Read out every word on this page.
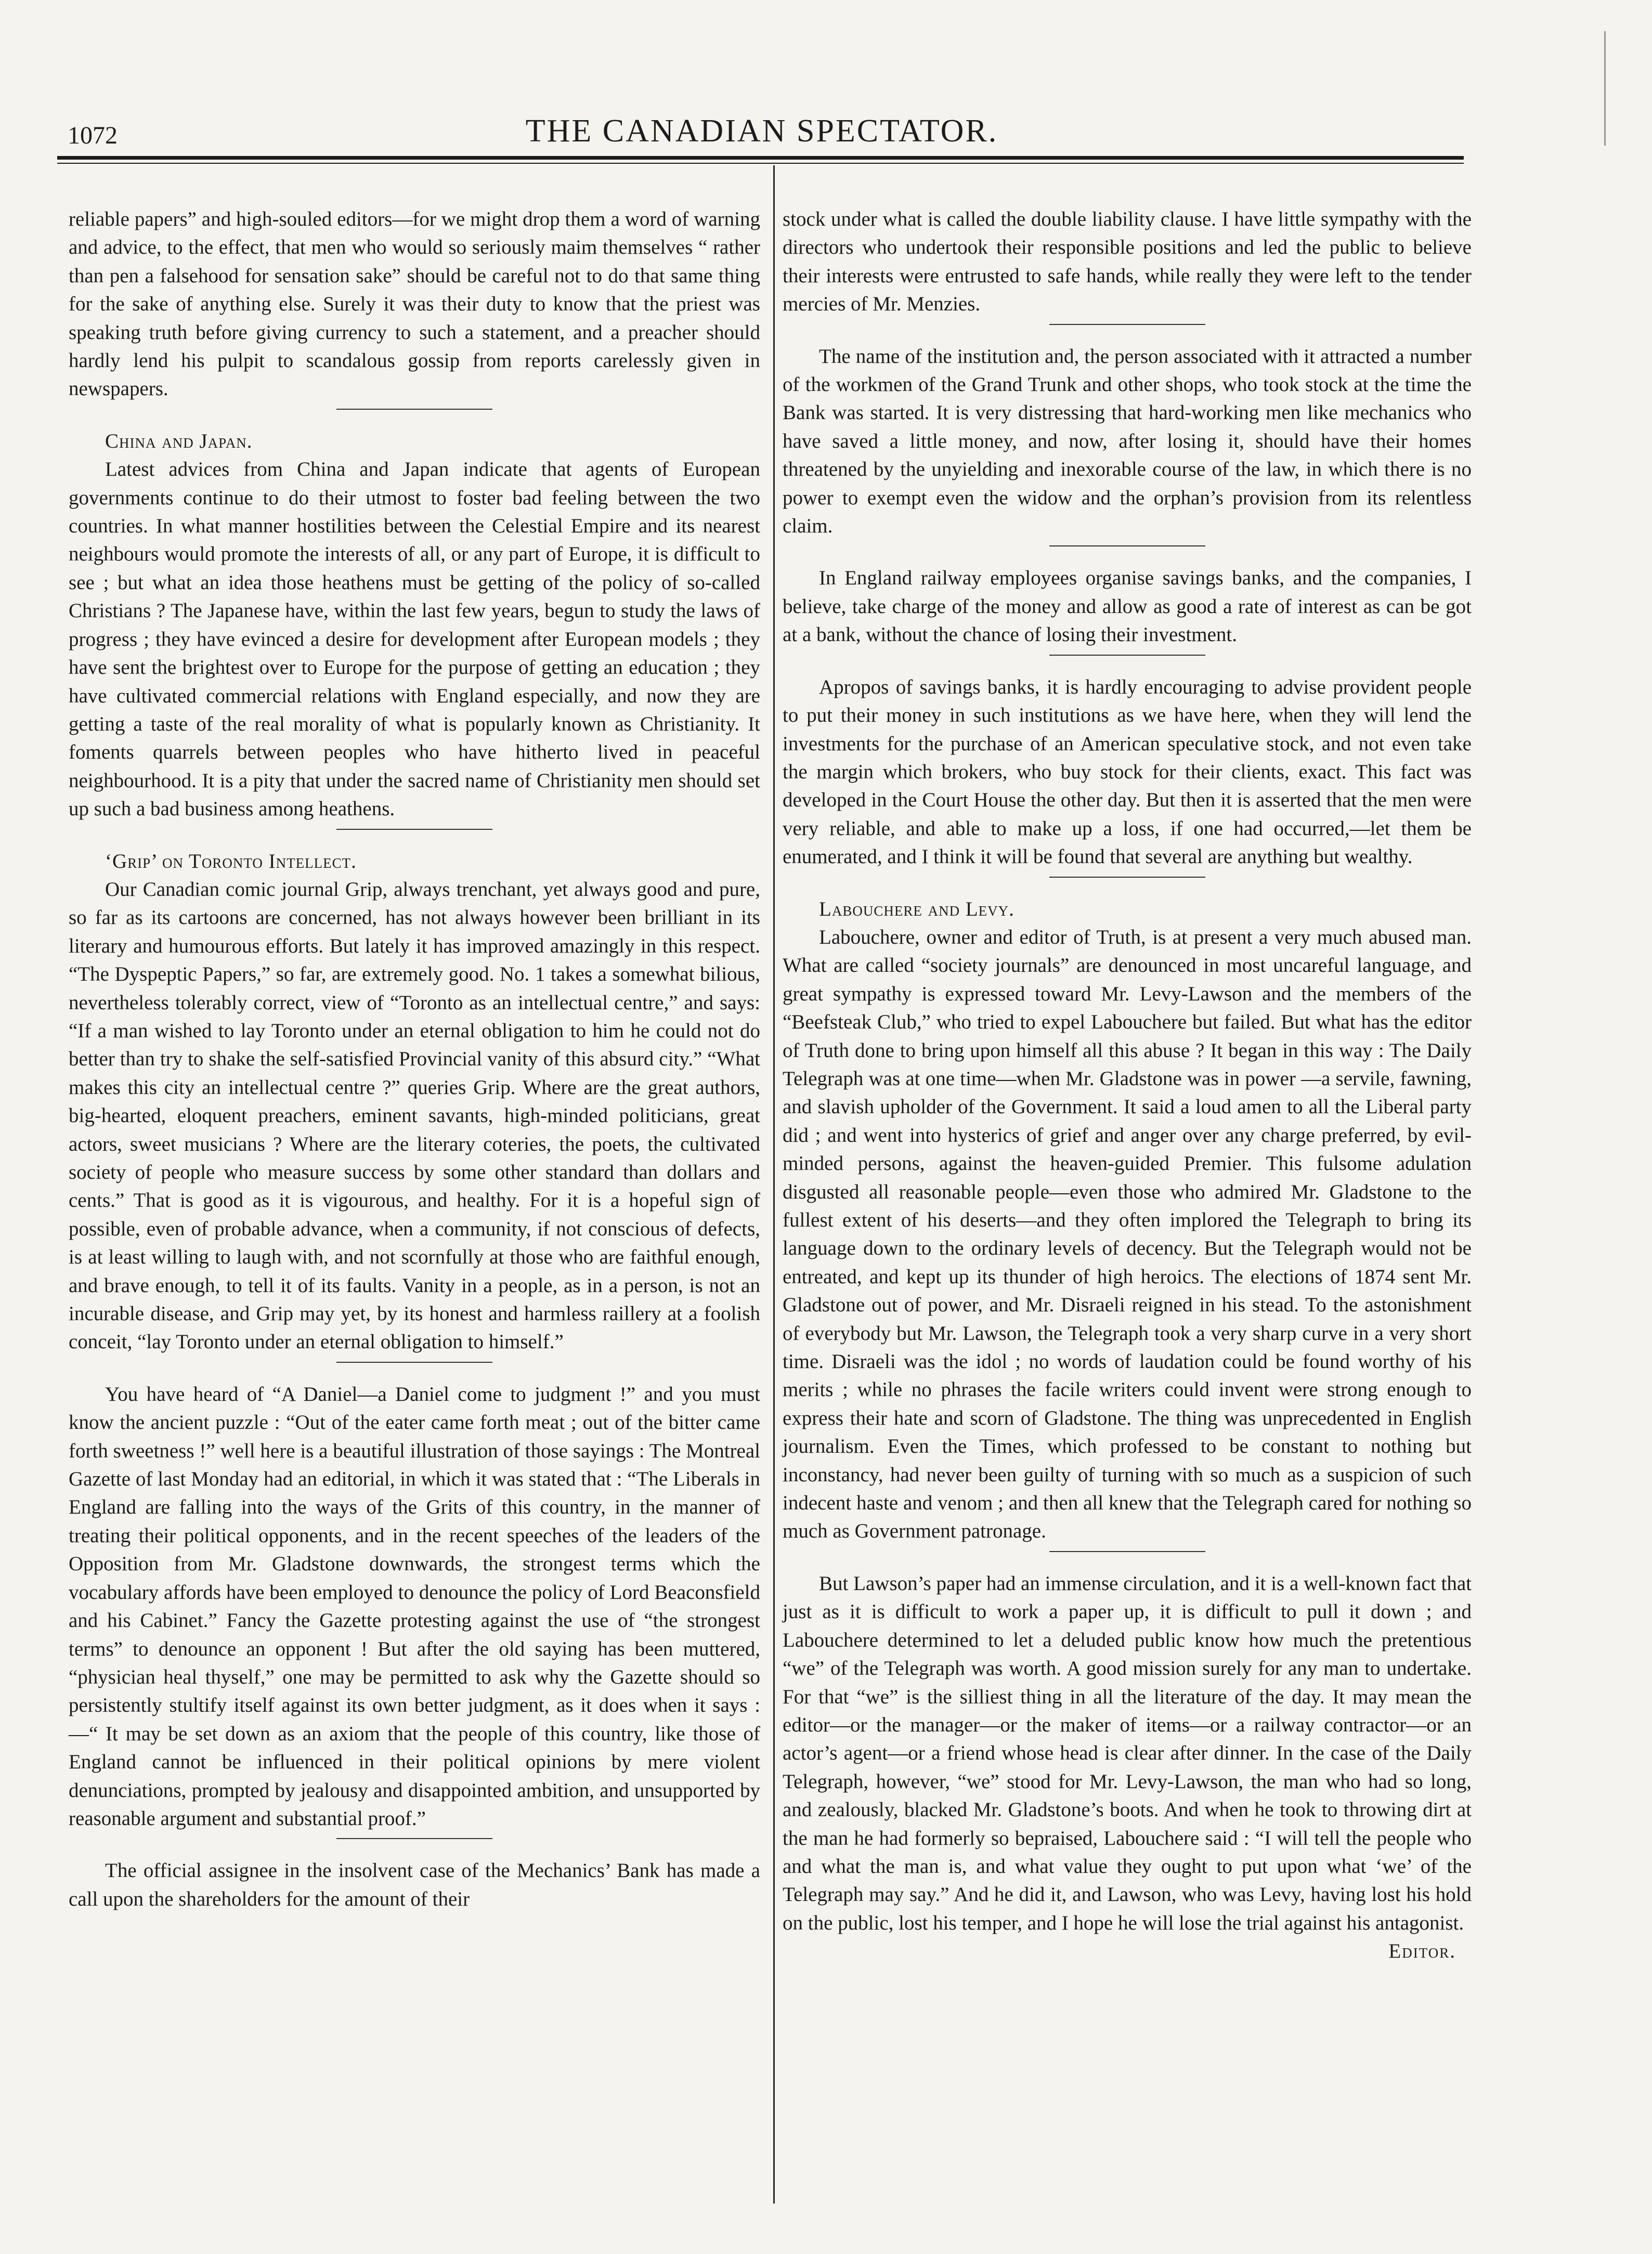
1072	THE CANADIAN SPECTATOR.

reliable papers” and high-souled editors—for we might drop them a word of warning and advice, to the effect, that men who would so seriously maim themselves “ rather than pen a falsehood for sensation sake” should be careful not to do that same thing for the sake of anything else. Surely it was their duty to know that the priest was speaking truth before giving currency to such a statement, and a preacher should hardly lend his pulpit to scandalous gossip from reports carelessly given in newspapers.

China and Japan.

Latest advices from China and Japan indicate that agents of European governments continue to do their utmost to foster bad feeling between the two countries. In what manner hostilities between the Celestial Empire and its nearest neighbours would promote the interests of all, or any part of Europe, it is difficult to see ; but what an idea those heathens must be getting of the policy of so-called Christians ? The Japanese have, within the last few years, begun to study the laws of progress ; they have evinced a desire for development after European models ; they have sent the brightest over to Europe for the purpose of getting an education ; they have cultivated commercial relations with England especially, and now they are getting a taste of the real morality of what is popularly known as Christianity. It foments quarrels between peoples who have hitherto lived in peaceful neighbourhood. It is a pity that under the sacred name of Christianity men should set up such a bad business among heathens.

‘Grip’ on Toronto Intellect.

Our Canadian comic journal Grip, always trenchant, yet always good and pure, so far as its cartoons are concerned, has not always however been brilliant in its literary and humourous efforts. But lately it has improved amazingly in this respect. “The Dyspeptic Papers,” so far, are extremely good. No. 1 takes a somewhat bilious, nevertheless tolerably correct, view of “Toronto as an intellectual centre,” and says: “If a man wished to lay Toronto under an eternal obligation to him he could not do better than try to shake the self-satisfied Provincial vanity of this absurd city.” “What makes this city an intellectual centre ?” queries Grip. Where are the great authors, big-hearted, eloquent preachers, eminent savants, high-minded politicians, great actors, sweet musicians ? Where are the literary coteries, the poets, the cultivated society of people who measure success by some other standard than dollars and cents.” That is good as it is vigourous, and healthy. For it is a hopeful sign of possible, even of probable advance, when a community, if not conscious of defects, is at least willing to laugh with, and not scornfully at those who are faithful enough, and brave enough, to tell it of its faults. Vanity in a people, as in a person, is not an incurable disease, and Grip may yet, by its honest and harmless raillery at a foolish conceit, “lay Toronto under an eternal obligation to himself.”

You have heard of “A Daniel—a Daniel come to judgment !” and you must know the ancient puzzle : “Out of the eater came forth meat ; out of the bitter came forth sweetness !” well here is a beautiful illustration of those sayings : The Montreal Gazette of last Monday had an editorial, in which it was stated that : “The Liberals in England are falling into the ways of the Grits of this country, in the manner of treating their political opponents, and in the recent speeches of the leaders of the Opposition from Mr. Gladstone downwards, the strongest terms which the vocabulary affords have been employed to denounce the policy of Lord Beaconsfield and his Cabinet.” Fancy the Gazette protesting against the use of “the strongest terms” to denounce an opponent ! But after the old saying has been muttered, “physician heal thyself,” one may be permitted to ask why the Gazette should so persistently stultify itself against its own better judgment, as it does when it says :—“ It may be set down as an axiom that the people of this country, like those of England cannot be influenced in their political opinions by mere violent denunciations, prompted by jealousy and disappointed ambition, and unsupported by reasonable argument and substantial proof.”

The official assignee in the insolvent case of the Mechanics’ Bank has made a call upon the shareholders for the amount of their

stock under what is called the double liability clause. I have little sympathy with the directors who undertook their responsible positions and led the public to believe their interests were entrusted to safe hands, while really they were left to the tender mercies of Mr. Menzies.

The name of the institution and, the person associated with it attracted a number of the workmen of the Grand Trunk and other shops, who took stock at the time the Bank was started. It is very distressing that hard-working men like mechanics who have saved a little money, and now, after losing it, should have their homes threatened by the unyielding and inexorable course of the law, in which there is no power to exempt even the widow and the orphan’s provision from its relentless claim.

In England railway employees organise savings banks, and the companies, I believe, take charge of the money and allow as good a rate of interest as can be got at a bank, without the chance of losing their investment.

Apropos of savings banks, it is hardly encouraging to advise provident people to put their money in such institutions as we have here, when they will lend the investments for the purchase of an American speculative stock, and not even take the margin which brokers, who buy stock for their clients, exact. This fact was developed in the Court House the other day. But then it is asserted that the men were very reliable, and able to make up a loss, if one had occurred,—let them be enumerated, and I think it will be found that several are anything but wealthy.

Labouchere and Levy.

Labouchere, owner and editor of Truth, is at present a very much abused man. What are called “society journals” are denounced in most uncareful language, and great sympathy is expressed toward Mr. Levy-Lawson and the members of the “Beefsteak Club,” who tried to expel Labouchere but failed. But what has the editor of Truth done to bring upon himself all this abuse ? It began in this way : The Daily Telegraph was at one time—when Mr. Gladstone was in power —a servile, fawning, and slavish upholder of the Government. It said a loud amen to all the Liberal party did ; and went into hysterics of grief and anger over any charge preferred, by evil-minded persons, against the heaven-guided Premier. This fulsome adulation disgusted all reasonable people—even those who admired Mr. Gladstone to the fullest extent of his deserts—and they often implored the Telegraph to bring its language down to the ordinary levels of decency. But the Telegraph would not be entreated, and kept up its thunder of high heroics. The elections of 1874 sent Mr. Gladstone out of power, and Mr. Disraeli reigned in his stead. To the astonishment of everybody but Mr. Lawson, the Telegraph took a very sharp curve in a very short time. Disraeli was the idol ; no words of laudation could be found worthy of his merits ; while no phrases the facile writers could invent were strong enough to express their hate and scorn of Gladstone. The thing was unprecedented in English journalism. Even the Times, which professed to be constant to nothing but inconstancy, had never been guilty of turning with so much as a suspicion of such indecent haste and venom ; and then all knew that the Telegraph cared for nothing so much as Government patronage.

But Lawson’s paper had an immense circulation, and it is a well-known fact that just as it is difficult to work a paper up, it is difficult to pull it down ; and Labouchere determined to let a deluded public know how much the pretentious “we” of the Telegraph was worth. A good mission surely for any man to undertake. For that “we” is the silliest thing in all the literature of the day. It may mean the editor—or the manager—or the maker of items—or a railway contractor—or an actor’s agent—or a friend whose head is clear after dinner. In the case of the Daily Telegraph, however, “we” stood for Mr. Levy-Lawson, the man who had so long, and zealously, blacked Mr. Gladstone’s boots. And when he took to throwing dirt at the man he had formerly so bepraised, Labouchere said : “I will tell the people who and what the man is, and what value they ought to put upon what ‘we’ of the Telegraph may say.” And he did it, and Lawson, who was Levy, having lost his hold on the public, lost his temper, and I hope he will lose the trial against his antagonist.

Editor.
